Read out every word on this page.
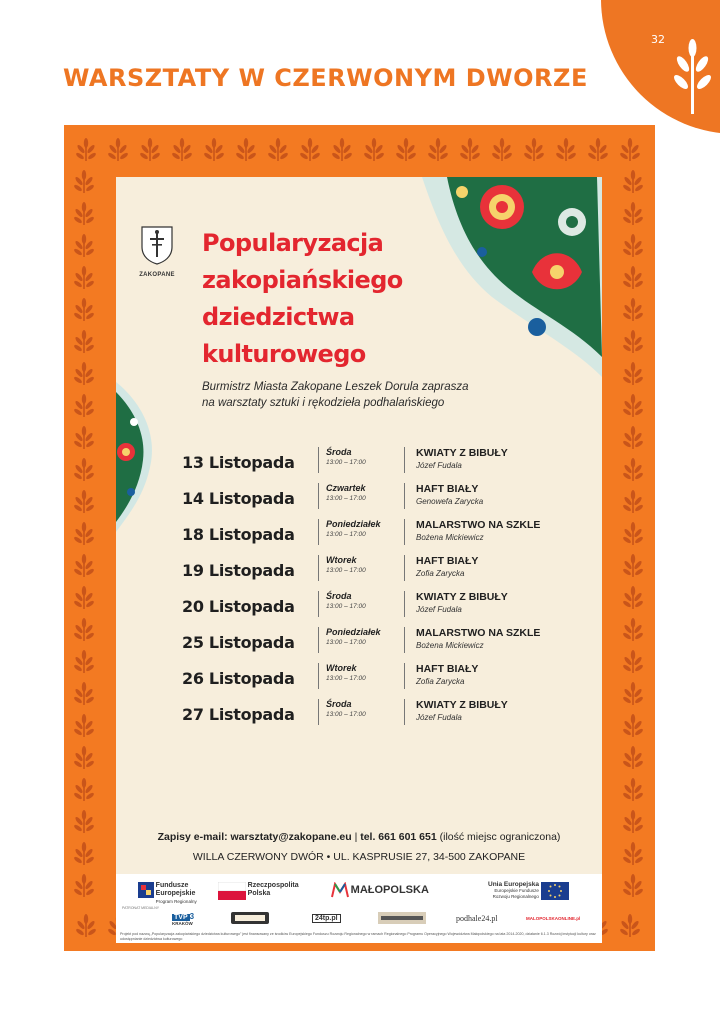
32
WARSZTATY W CZERWONYM DWORZE
ZAKOPANE
Popularyzacja
zakopiańskiego
dziedzictwa
kulturowego
Burmistrz Miasta Zakopane Leszek Dorula zaprasza
na warsztaty sztuki i rękodzieła podhalańskiego
13 Listopada
Środa
13:00 – 17:00
KWIATY Z BIBUŁY
Józef Fudala
14 Listopada
Czwartek
13:00 – 17:00
HAFT BIAŁY
Genowefa Zarycka
18 Listopada
Poniedziałek
13:00 – 17:00
MALARSTWO NA SZKLE
Bożena Mickiewicz
19 Listopada
Wtorek
13:00 – 17:00
HAFT BIAŁY
Zofia Zarycka
20 Listopada
Środa
13:00 – 17:00
KWIATY Z BIBUŁY
Józef Fudala
25 Listopada
Poniedziałek
13:00 – 17:00
MALARSTWO NA SZKLE
Bożena Mickiewicz
26 Listopada
Wtorek
13:00 – 17:00
HAFT BIAŁY
Zofia Zarycka
27 Listopada
Środa
13:00 – 17:00
KWIATY Z BIBUŁY
Józef Fudala
Zapisy e-mail: warsztaty@zakopane.eu | tel. 661 601 651 (ilość miejsc ograniczona)
WILLA CZERWONY DWÓR • UL. KASPRUSIE 27, 34-500 ZAKOPANE
Fundusze
Europejskie
Program Regionalny
Rzeczpospolita
Polska	MAŁOPOLSKA	Unia Europejska
Europejskie Fundusze
Rozwoju Regionalnego
PATRONAT MEDIALNY
TVP 3
KRAKÓW
24tp.pl	podhale24.pl	MALOPOLSKAONLINE.pl
Projekt pod nazwą „Popularyzacja zakopiańskiego dziedzictwa kulturowego" jest finansowany ze środków Europejskiego Funduszu Rozwoju Regionalnego w ramach Regionalnego Programu Operacyjnego Województwa Małopolskiego na lata 2014-2020, działanie 6.1.3 Rozwój instytucji kultury oraz udostępnianie dziedzictwa kulturowego
